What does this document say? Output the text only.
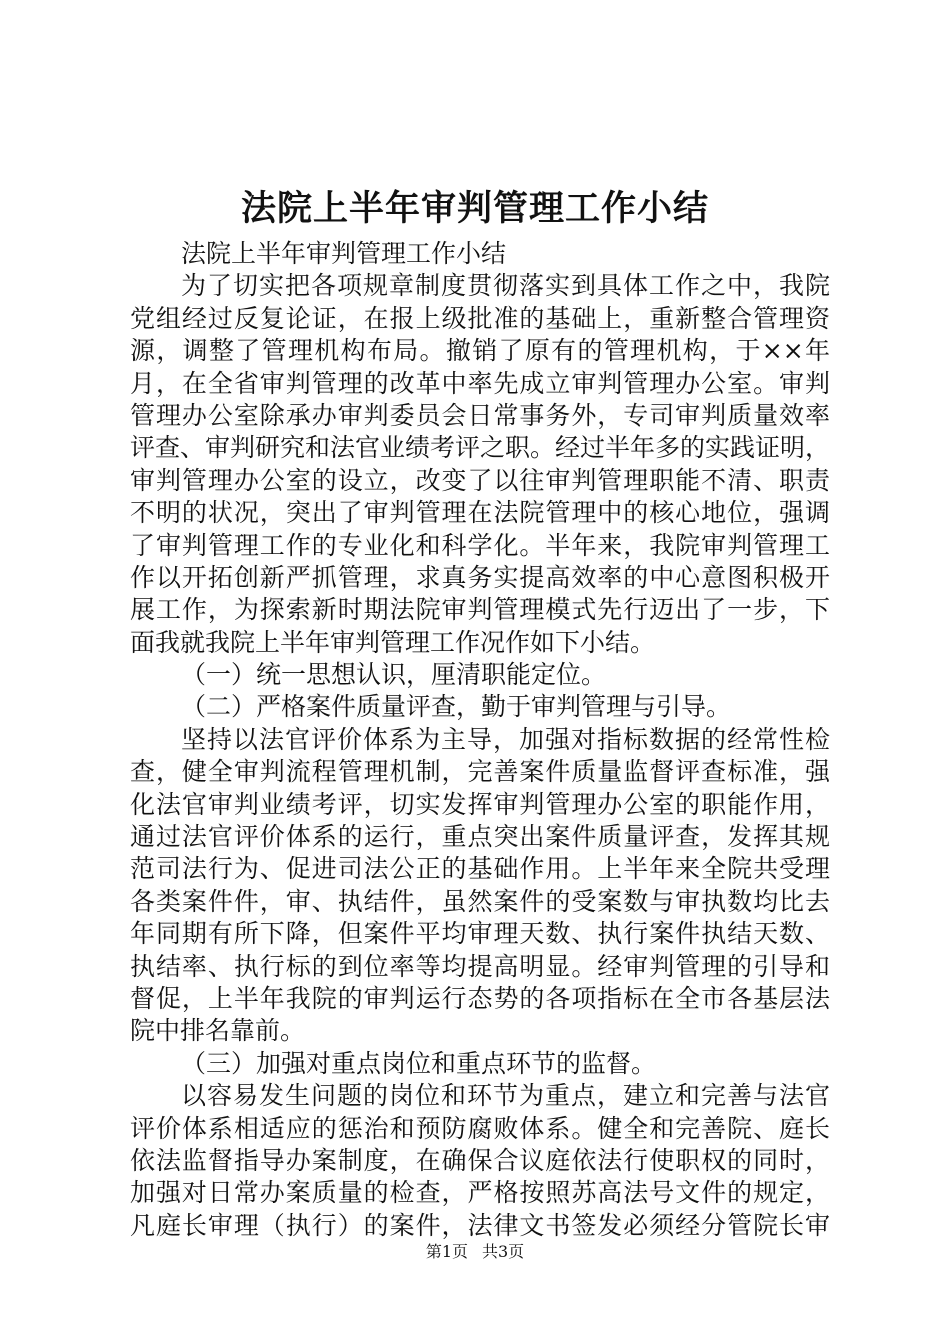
法院上半年审判管理工作小结
法院上半年审判管理工作小结
为了切实把各项规章制度贯彻落实到具体工作之中，我院
党组经过反复论证，在报上级批准的基础上，重新整合管理资
源，调整了管理机构布局。撤销了原有的管理机构，于××年
月，在全省审判管理的改革中率先成立审判管理办公室。审判
管理办公室除承办审判委员会日常事务外，专司审判质量效率
评查、审判研究和法官业绩考评之职。经过半年多的实践证明，
审判管理办公室的设立，改变了以往审判管理职能不清、职责
不明的状况，突出了审判管理在法院管理中的核心地位，强调
了审判管理工作的专业化和科学化。半年来，我院审判管理工
作以开拓创新严抓管理，求真务实提高效率的中心意图积极开
展工作，为探索新时期法院审判管理模式先行迈出了一步，下
面我就我院上半年审判管理工作况作如下小结。
（一）统一思想认识，厘清职能定位。
（二）严格案件质量评查，勤于审判管理与引导。
坚持以法官评价体系为主导，加强对指标数据的经常性检
查，健全审判流程管理机制，完善案件质量监督评查标准，强
化法官审判业绩考评，切实发挥审判管理办公室的职能作用，
通过法官评价体系的运行，重点突出案件质量评查，发挥其规
范司法行为、促进司法公正的基础作用。上半年来全院共受理
各类案件件，审、执结件，虽然案件的受案数与审执数均比去
年同期有所下降，但案件平均审理天数、执行案件执结天数、
执结率、执行标的到位率等均提高明显。经审判管理的引导和
督促，上半年我院的审判运行态势的各项指标在全市各基层法
院中排名靠前。
（三）加强对重点岗位和重点环节的监督。
以容易发生问题的岗位和环节为重点，建立和完善与法官
评价体系相适应的惩治和预防腐败体系。健全和完善院、庭长
依法监督指导办案制度，在确保合议庭依法行使职权的同时，
加强对日常办案质量的检查，严格按照苏高法号文件的规定，
凡庭长审理（执行）的案件，法律文书签发必须经分管院长审
第1页 共3页
